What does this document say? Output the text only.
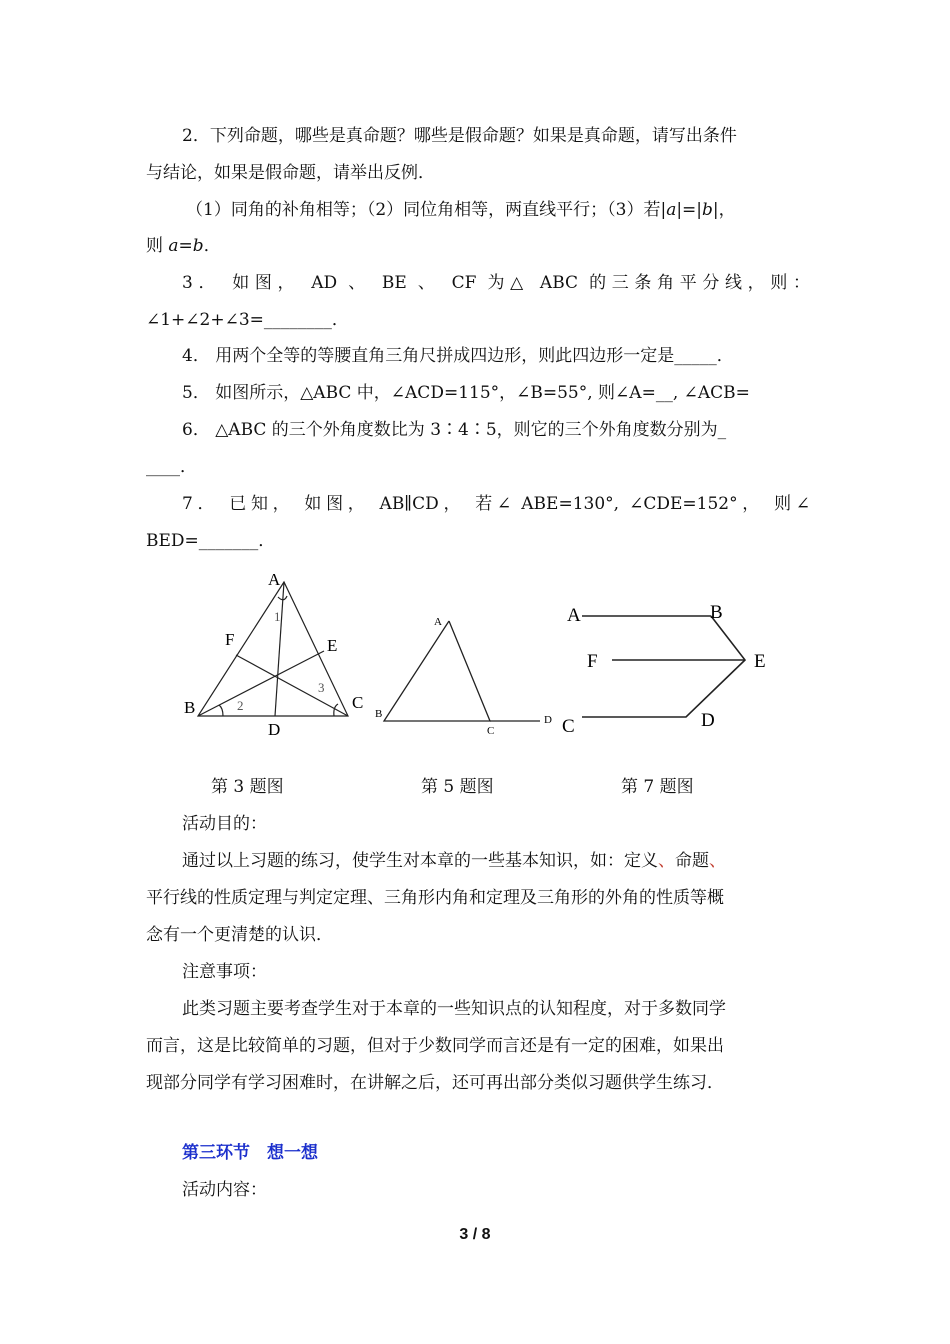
2．下列命题，哪些是真命题？哪些是假命题？如果是真命题，请写出条件
与结论，如果是假命题，请举出反例．
（1）同角的补角相等；（2）同位角相等，两直线平行；（3）若|a|=|b|，
则 a=b．
3． 如图， AD 、 BE 、 CF 为△ ABC 的三条角平分线，则：
∠1+∠2+∠3=________．
4． 用两个全等的等腰直角三角尺拼成四边形，则此四边形一定是_____．
5． 如图所示，△ABC 中，∠ACD=115°，∠B=55°, 则∠A=__, ∠ACB=
6． △ABC 的三个外角度数比为 3∶4∶5，则它的三个外角度数分别为_
____．
7． 已知， 如图， AB∥CD， 若∠ ABE=130°, ∠CDE=152°， 则∠
BED=_______．
A
F	E
B	C
D
1
2
3
A
B
C
D
A	B
F	E
C	D
第 3 题图	第 5 题图	第 7 题图
活动目的：
通过以上习题的练习，使学生对本章的一些基本知识，如：定义、命题、
平行线的性质定理与判定定理、三角形内角和定理及三角形的外角的性质等概
念有一个更清楚的认识．
注意事项：
此类习题主要考查学生对于本章的一些知识点的认知程度，对于多数同学
而言，这是比较简单的习题，但对于少数同学而言还是有一定的困难，如果出
现部分同学有学习困难时，在讲解之后，还可再出部分类似习题供学生练习．
第三环节　想一想
活动内容：
3 / 8
